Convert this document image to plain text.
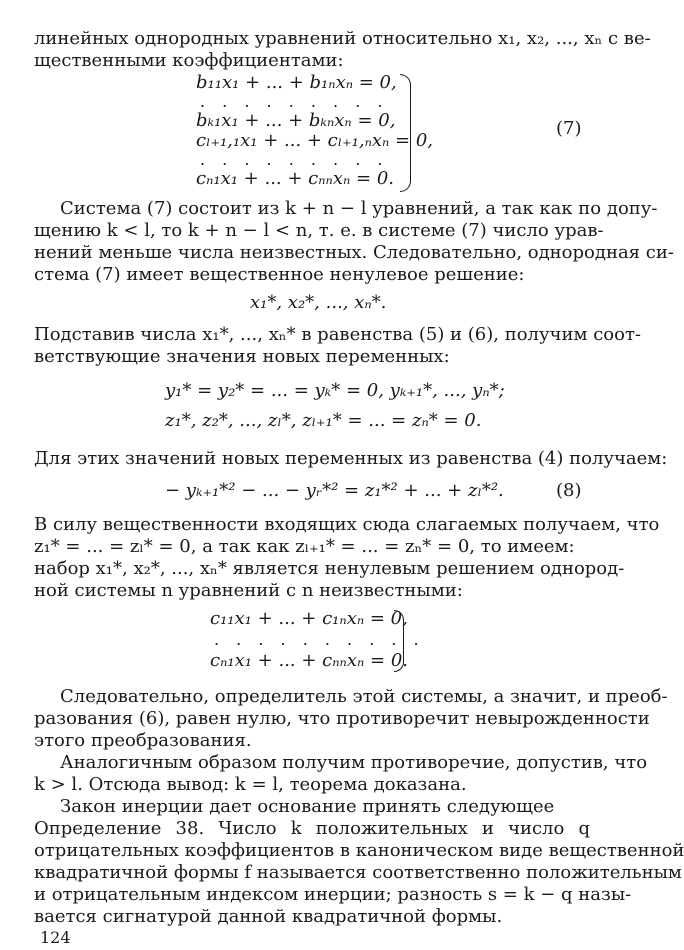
линейных однородных уравнений относительно x₁, x₂, ..., xₙ с ве-
щественными коэффициентами:
b₁₁x₁ + ... + b₁ₙxₙ = 0,
. . . . . . . . .
bₖ₁x₁ + ... + bₖₙxₙ = 0,
cₗ₊₁,₁x₁ + ... + cₗ₊₁,ₙxₙ = 0,
. . . . . . . . .
cₙ₁x₁ + ... + cₙₙxₙ = 0.
(7)
Система (7) состоит из k + n − l уравнений, а так как по допу-
щению k < l, то k + n − l < n, т. е. в системе (7) число урав-
нений меньше числа неизвестных. Следовательно, однородная си-
стема (7) имеет вещественное ненулевое решение:
x₁*, x₂*, ..., xₙ*.
Подставив числа x₁*, ..., xₙ* в равенства (5) и (6), получим соот-
ветствующие значения новых переменных:
y₁* = y₂* = ... = yₖ* = 0, yₖ₊₁*, ..., yₙ*;
z₁*, z₂*, ..., zₗ*, zₗ₊₁* = ... = zₙ* = 0.
Для этих значений новых переменных из равенства (4) получаем:
− yₖ₊₁*² − ... − yᵣ*² = z₁*² + ... + zₗ*².	(8)
В силу вещественности входящих сюда слагаемых получаем, что
z₁* = ... = zₗ* = 0, а так как zₗ₊₁* = ... = zₙ* = 0, то имеем:
набор x₁*, x₂*, ..., xₙ* является ненулевым решением однород-
ной системы n уравнений с n неизвестными:
c₁₁x₁ + ... + c₁ₙxₙ = 0,
. . . . . . . . . .
cₙ₁x₁ + ... + cₙₙxₙ = 0.
Следовательно, определитель этой системы, а значит, и преоб-
разования (6), равен нулю, что противоречит невырожденности
этого преобразования.
Аналогичным образом получим противоречие, допустив, что
k > l. Отсюда вывод: k = l, теорема доказана.
Закон инерции дает основание принять следующее
Определение 38. Число k положительных и число q
отрицательных коэффициентов в каноническом виде вещественной
квадратичной формы f называется соответственно положительным
и отрицательным индексом инерции; разность s = k − q назы-
вается сигнатурой данной квадратичной формы.
124
